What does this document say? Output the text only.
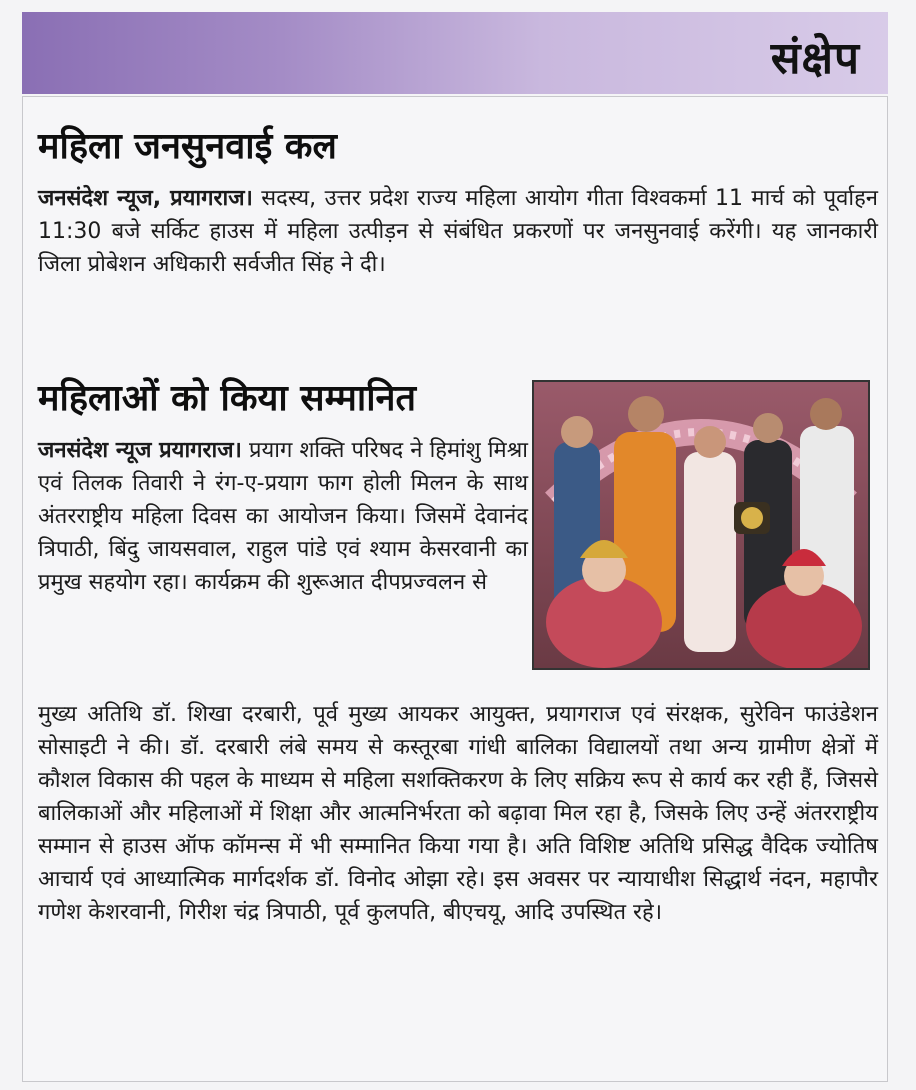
संक्षेप
महिला जनसुनवाई कल
जनसंदेश न्यूज, प्रयागराज। सदस्य, उत्तर प्रदेश राज्य महिला आयोग गीता विश्वकर्मा 11 मार्च को पूर्वाहन 11:30 बजे सर्किट हाउस में महिला उत्पीड़न से संबंधित प्रकरणों पर जनसुनवाई करेंगी। यह जानकारी जिला प्रोबेशन अधिकारी सर्वजीत सिंह ने दी।
महिलाओं को किया सम्मानित
जनसंदेश न्यूज प्रयागराज। प्रयाग शक्ति परिषद ने हिमांशु मिश्रा एवं तिलक तिवारी ने रंग-ए-प्रयाग फाग होली मिलन के साथ अंतरराष्ट्रीय महिला दिवस का आयोजन किया। जिसमें देवानंद त्रिपाठी, बिंदु जायसवाल, राहुल पांडे एवं श्याम केसरवानी का प्रमुख सहयोग रहा। कार्यक्रम की शुरूआत दीपप्रज्वलन से
मुख्य अतिथि डॉ. शिखा दरबारी, पूर्व मुख्य आयकर आयुक्त, प्रयागराज एवं संरक्षक, सुरेविन फाउंडेशन सोसाइटी ने की। डॉ. दरबारी लंबे समय से कस्तूरबा गांधी बालिका विद्यालयों तथा अन्य ग्रामीण क्षेत्रों में कौशल विकास की पहल के माध्यम से महिला सशक्तिकरण के लिए सक्रिय रूप से कार्य कर रही हैं, जिससे बालिकाओं और महिलाओं में शिक्षा और आत्मनिर्भरता को बढ़ावा मिल रहा है, जिसके लिए उन्हें अंतरराष्ट्रीय सम्मान से हाउस ऑफ कॉमन्स में भी सम्मानित किया गया है। अति विशिष्ट अतिथि प्रसिद्ध वैदिक ज्योतिष आचार्य एवं आध्यात्मिक मार्गदर्शक डॉ. विनोद ओझा रहे। इस अवसर पर न्यायाधीश सिद्धार्थ नंदन, महापौर गणेश केशरवानी, गिरीश चंद्र त्रिपाठी, पूर्व कुलपति, बीएचयू, आदि उपस्थित रहे।
